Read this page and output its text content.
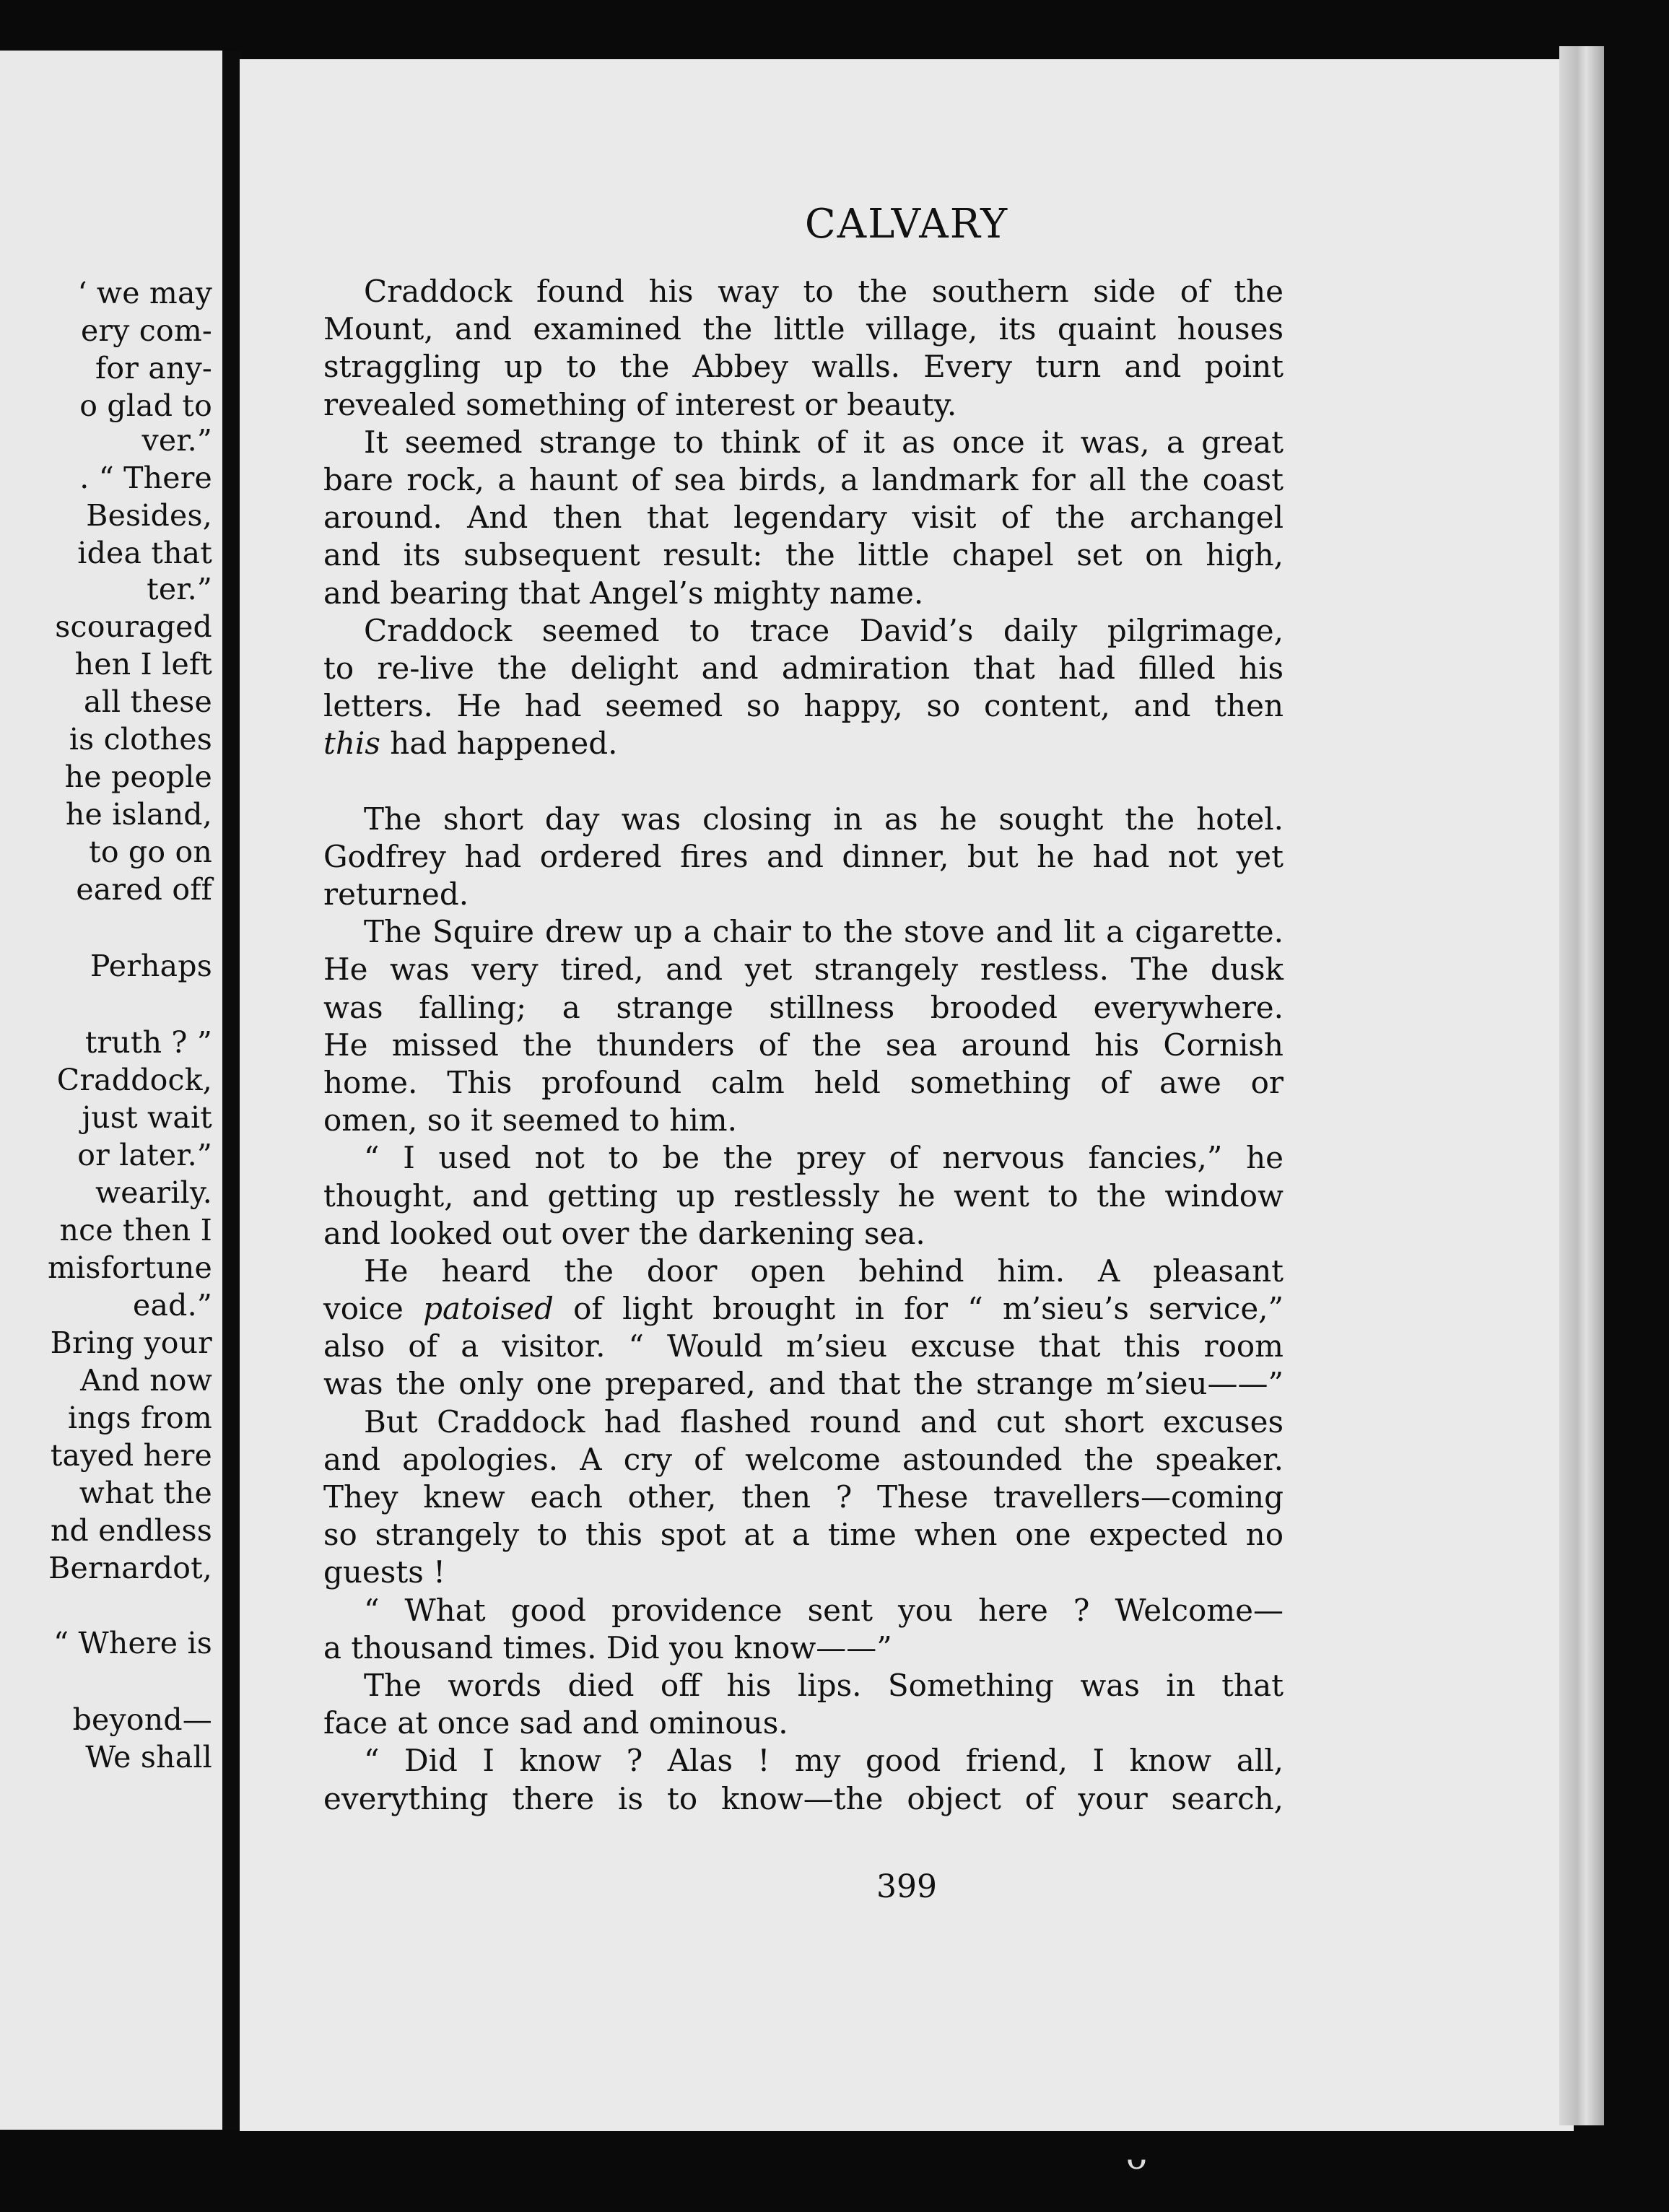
‘ we may
ery com-
for any-
o glad to
ver.”
. “ There
Besides,
idea that
ter.”
scouraged
hen I left
all these
is clothes
he people
he island,
to go on
eared off
Perhaps
truth ? ”
Craddock,
just wait
or later.”
wearily.
nce then I
misfortune
ead.”
Bring your
And now
ings from
tayed here
what the
nd endless
Bernardot,
“ Where is
beyond—
We shall
CALVARY
Craddock found his way to the southern side of the
Mount, and examined the little village, its quaint houses
straggling up to the Abbey walls. Every turn and point
revealed something of interest or beauty.
It seemed strange to think of it as once it was, a great
bare rock, a haunt of sea birds, a landmark for all the coast
around. And then that legendary visit of the archangel
and its subsequent result: the little chapel set on high,
and bearing that Angel’s mighty name.
Craddock seemed to trace David’s daily pilgrimage,
to re-live the delight and admiration that had filled his
letters. He had seemed so happy, so content, and then
this had happened.
The short day was closing in as he sought the hotel.
Godfrey had ordered fires and dinner, but he had not yet
returned.
The Squire drew up a chair to the stove and lit a cigarette.
He was very tired, and yet strangely restless. The dusk
was falling; a strange stillness brooded everywhere.
He missed the thunders of the sea around his Cornish
home. This profound calm held something of awe or
omen, so it seemed to him.
“ I used not to be the prey of nervous fancies,” he
thought, and getting up restlessly he went to the window
and looked out over the darkening sea.
He heard the door open behind him. A pleasant
voice patoised of light brought in for “ m’sieu’s service,”
also of a visitor. “ Would m’sieu excuse that this room
was the only one prepared, and that the strange m’sieu——”
But Craddock had flashed round and cut short excuses
and apologies. A cry of welcome astounded the speaker.
They knew each other, then ? These travellers—coming
so strangely to this spot at a time when one expected no
guests !
“ What good providence sent you here ? Welcome—
a thousand times. Did you know——”
The words died off his lips. Something was in that
face at once sad and ominous.
“ Did I know ? Alas ! my good friend, I know all,
everything there is to know—the object of your search,
399
ᴗ
